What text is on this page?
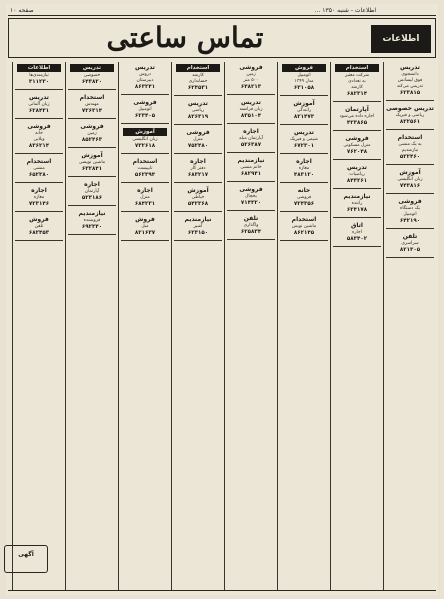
صفحه ۱۰	اطلاعات - شنبه ۱۳۵۰ ...
تماس ساعتی	اطلاعات
تدریس
دانشجوی
فوق لیسانس
تدریس می‌کند
۶۲۳۸۱۵
تدریس خصوصی
ریاضی و فیزیک
۸۲۲۵۶۱
استخدام
به یک منشی
نیازمندیم
۵۲۲۴۶۰
آموزش
زبان انگلیسی
۷۴۳۸۱۶
فروشی
یک دستگاه
اتومبیل
۶۴۲۱۹۰
تلفن
سراسری
۸۲۱۳۰۵
استخدام
شرکت معتبر
به تعدادی
کارمند
۶۸۲۳۱۴
آپارتمان
اجاره داده می‌شود
۴۲۳۸۶۵
فروشی
منزل مسکونی
۷۶۲۰۴۸
تدریس
ریاضیات
۸۴۳۲۶۱
نیازمندیم
راننده
۶۲۴۱۷۸
اتاق
اجاره
۵۸۳۴۰۲
فروش
اتومبیل
مدل ۱۳۴۹
۶۳۱۰۵۸
آموزش
رانندگی
۸۲۱۴۷۳
تدریس
شیمی و فیزیک
۶۷۲۳۰۱
اجاره
مغازه
۴۸۳۱۲۰
خانه
فروشی
۷۲۴۳۵۶
استخدام
ماشین نویس
۸۶۲۱۴۵
فروشی
زمین
۵۰۰ متر
۶۴۸۲۱۳
تدریس
زبان فرانسه
۸۳۵۱۰۴
اجاره
آپارتمان مبله
۵۲۶۳۸۷
نیازمندیم
خانم منشی
۶۸۲۹۴۱
فروشی
یخچال
۷۱۴۳۲۰
تلفن
واگذاری
۶۲۵۸۳۴
استخدام
کارمند
حسابداری
۶۲۴۵۳۱
تدریس
ریاضی
۸۲۶۳۱۹
فروشی
منزل
۷۵۲۴۸۰
اجاره
دفتر کار
۶۸۳۲۱۷
آموزش
خیاطی
۵۴۲۳۶۸
نیازمندیم
آشپز
۶۲۳۱۵۰
تدریس
دروس
دبیرستان
۸۶۳۲۴۱
فروشی
اتومبیل
۶۲۳۴۰۵
آموزش
زبان انگلیسی
۷۳۲۶۱۸
استخدام
تایپیست
۵۶۲۳۹۴
اجاره
منزل
۶۸۴۲۳۱
فروش
مبل
۸۲۱۶۳۷
تدریس
خصوصی
۶۴۳۸۲۰
استخدام
مهندس
۷۲۶۳۱۴
فروشی
زمین
۸۵۲۴۶۳
آموزش
ماشین نویسی
۶۳۲۸۴۱
اجاره
آپارتمان
۵۲۳۱۸۶
نیازمندیم
فروشنده
۶۹۲۳۴۰
اطلاعات
نیازمندی‌ها
۳۱۱۲۳۰
تدریس
زبان آلمانی
۶۲۸۴۳۱
فروشی
خانه
ویلایی
۸۳۶۲۱۴
استخدام
منشی
۶۵۲۳۸۰
اجاره
مغازه
۷۲۳۱۴۶
فروش
تلفن
۶۸۲۴۵۳
آگهی
